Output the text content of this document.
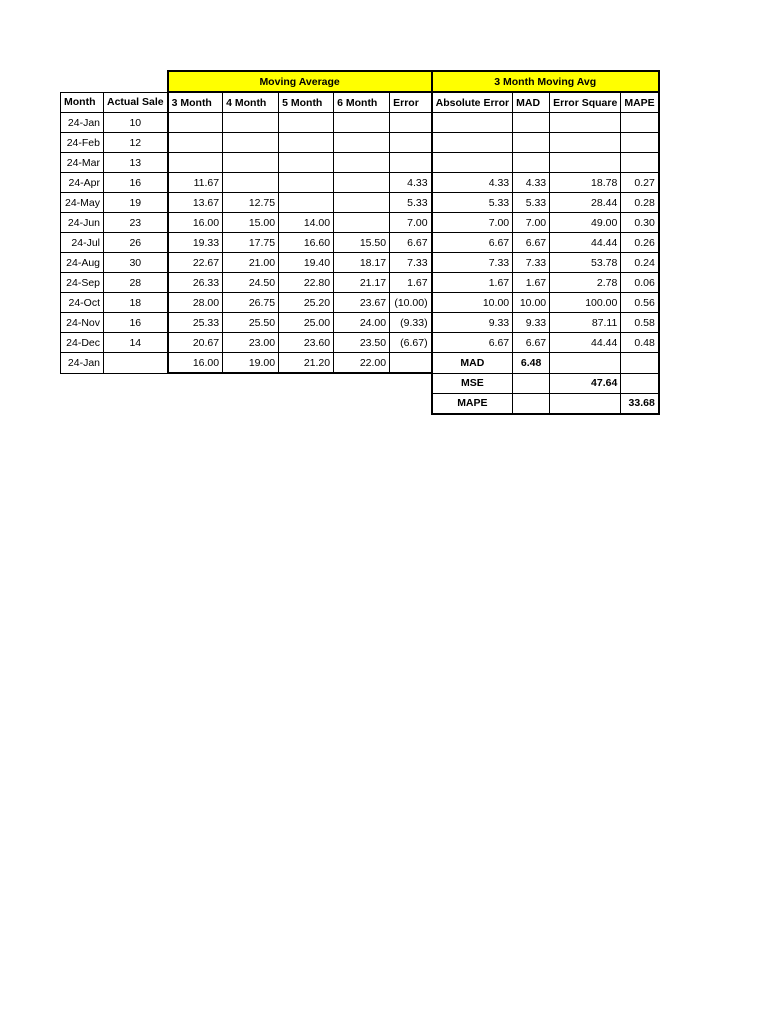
		Moving Average					3 Month Moving Avg			
Month	Actual Sale	3 Month	4 Month	5 Month	6 Month	Error	Absolute Error	MAD	Error Square	MAPE
24-Jan	10									
24-Feb	12									
24-Mar	13									
24-Apr	16	11.67				4.33	4.33	4.33	18.78	0.27
24-May	19	13.67	12.75			5.33	5.33	5.33	28.44	0.28
24-Jun	23	16.00	15.00	14.00		7.00	7.00	7.00	49.00	0.30
24-Jul	26	19.33	17.75	16.60	15.50	6.67	6.67	6.67	44.44	0.26
24-Aug	30	22.67	21.00	19.40	18.17	7.33	7.33	7.33	53.78	0.24
24-Sep	28	26.33	24.50	22.80	21.17	1.67	1.67	1.67	2.78	0.06
24-Oct	18	28.00	26.75	25.20	23.67	(10.00)	10.00	10.00	100.00	0.56
24-Nov	16	25.33	25.50	25.00	24.00	(9.33)	9.33	9.33	87.11	0.58
24-Dec	14	20.67	23.00	23.60	23.50	(6.67)	6.67	6.67	44.44	0.48
24-Jan		16.00	19.00	21.20	22.00		MAD	6.48		
							MSE		47.64	
							MAPE			33.68
